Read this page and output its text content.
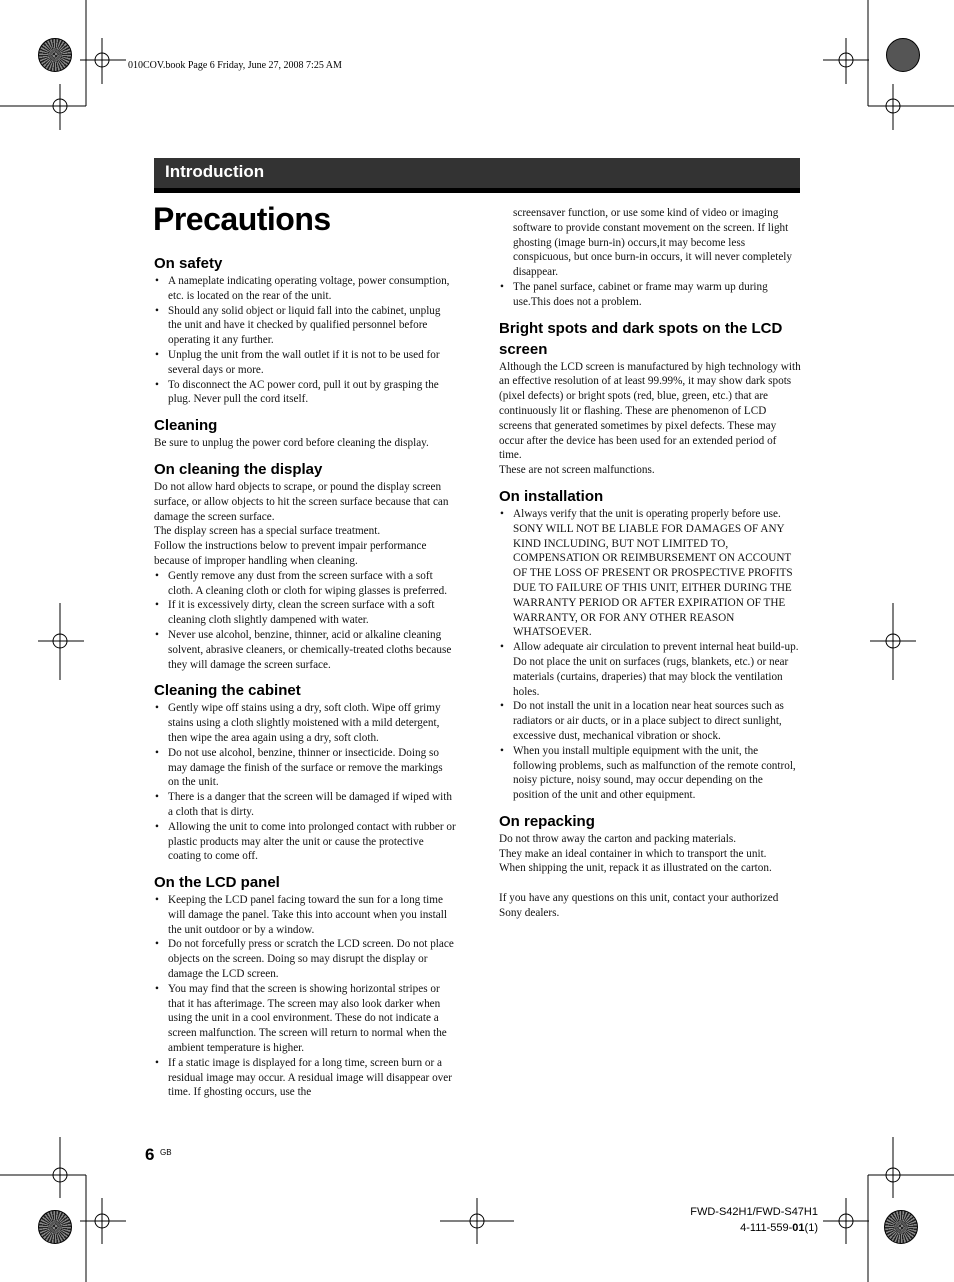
010COV.book Page 6 Friday, June 27, 2008 7:25 AM
Introduction
Precautions
On safety
• A nameplate indicating operating voltage, power consumption, etc. is located on the rear of the unit.
• Should any solid object or liquid fall into the cabinet, unplug the unit and have it checked by qualified personnel before operating it any further.
• Unplug the unit from the wall outlet if it is not to be used for several days or more.
• To disconnect the AC power cord, pull it out by grasping the plug. Never pull the cord itself.
Cleaning

Be sure to unplug the power cord before cleaning the display.

On cleaning the display

Do not allow hard objects to scrape, or pound the display screen surface, or allow objects to hit the screen surface because that can damage the screen surface.

The display screen has a special surface treatment.

Follow the instructions below to prevent impair performance because of improper handling when cleaning.

• Gently remove any dust from the screen surface with a soft cloth. A cleaning cloth or cloth for wiping glasses is preferred.
• If it is excessively dirty, clean the screen surface with a soft cleaning cloth slightly dampened with water.
• Never use alcohol, benzine, thinner, acid or alkaline cleaning solvent, abrasive cleaners, or chemically-treated cloths because they will damage the screen surface.
Cleaning the cabinet
• Gently wipe off stains using a dry, soft cloth. Wipe off grimy stains using a cloth slightly moistened with a mild detergent, then wipe the area again using a dry, soft cloth.
• Do not use alcohol, benzine, thinner or insecticide. Doing so may damage the finish of the surface or remove the markings on the unit.
• There is a danger that the screen will be damaged if wiped with a cloth that is dirty.
• Allowing the unit to come into prolonged contact with rubber or plastic products may alter the unit or cause the protective coating to come off.
On the LCD panel
• Keeping the LCD panel facing toward the sun for a long time will damage the panel. Take this into account when you install the unit outdoor or by a window.
• Do not forcefully press or scratch the LCD screen. Do not place objects on the screen. Doing so may disrupt the display or damage the LCD screen.
• You may find that the screen is showing horizontal stripes or that it has afterimage. The screen may also look darker when using the unit in a cool environment. These do not indicate a screen malfunction. The screen will return to normal when the ambient temperature is higher.
• If a static image is displayed for a long time, screen burn or a residual image may occur. A residual image will disappear over time. If ghosting occurs, use the

screensaver function, or use some kind of video or imaging software to provide constant movement on the screen. If light ghosting (image burn-in) occurs,it may become less conspicuous, but once burn-in occurs, it will never completely disappear.

• The panel surface, cabinet or frame may warm up during use.This does not a problem.
Bright spots and dark spots on the LCD screen

Although the LCD screen is manufactured by high technology with an effective resolution of at least 99.99%, it may show dark spots (pixel defects) or bright spots (red, blue, green, etc.) that are continuously lit or flashing. These are phenomenon of LCD screens that generated sometimes by pixel defects. These may occur after the device has been used for an extended period of time.

These are not screen malfunctions.

On installation
• Always verify that the unit is operating properly before use. SONY WILL NOT BE LIABLE FOR DAMAGES OF ANY KIND INCLUDING, BUT NOT LIMITED TO, COMPENSATION OR REIMBURSEMENT ON ACCOUNT OF THE LOSS OF PRESENT OR PROSPECTIVE PROFITS DUE TO FAILURE OF THIS UNIT, EITHER DURING THE WARRANTY PERIOD OR AFTER EXPIRATION OF THE WARRANTY, OR FOR ANY OTHER REASON WHATSOEVER.
• Allow adequate air circulation to prevent internal heat build-up. Do not place the unit on surfaces (rugs, blankets, etc.) or near materials (curtains, draperies) that may block the ventilation holes.
• Do not install the unit in a location near heat sources such as radiators or air ducts, or in a place subject to direct sunlight, excessive dust, mechanical vibration or shock.
• When you install multiple equipment with the unit, the following problems, such as malfunction of the remote control, noisy picture, noisy sound, may occur depending on the position of the unit and other equipment.
On repacking

Do not throw away the carton and packing materials.

They make an ideal container in which to transport the unit.

When shipping the unit, repack it as illustrated on the carton.

If you have any questions on this unit, contact your authorized Sony dealers.

6 GB
FWD-S42H1/FWD-S47H1
4-111-559-01(1)
